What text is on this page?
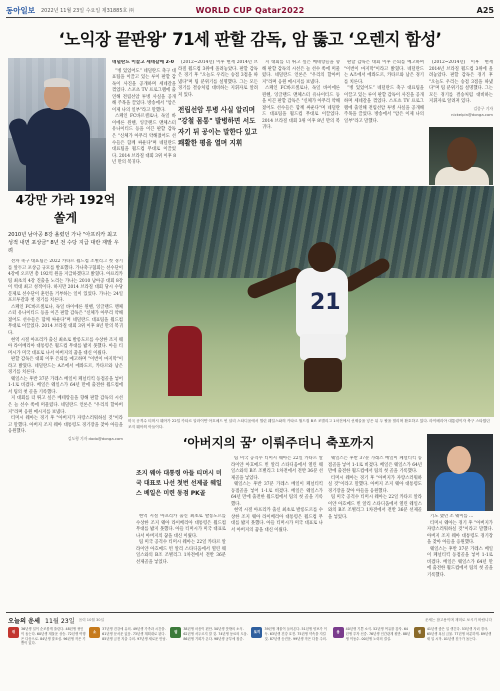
동아일보 2022년 11월 23일 수요일 제31885호 ㈜	WORLD CUP Qatar2022	A25
‘노익장 끝판왕’ 71세 판할 감독, 암 뚫고 ‘오렌지 함성’

네덜란드 이끌고 세네갈에 2-0

“병 있었어도” 네덜란드 축구 대표팀을 이끌고 있는 루이 판할 감독이 사진을 공개하며 세네갈을 꺾었다. 스포츠 TV 프로그램에 출연해 전립선암 투병 사실을 공개해 주목을 끌었다. 방송에서 "암은 이제 나의 일부"라고 말했다.

스페인 FC바르셀로나, 독일 바이에른 뮌헨, 잉글랜드 맨체스터 유나이티드 등을 이끈 판할 감독은 "신체가 아무리 약해졌어도 선수들은 함께 싸운다"며 네덜란드 대표팀을 월드컵 무대로 이끌었다. 2014 브라질 대회 3위 이후 8년 만의 복귀다.

(2012~2014년) 이후 현재 2014년 브라질 월드컵 3위에 올려놓았다. 판할 감독은 경기 후 "오늘도 우리는 승점 3점을 따냈다"며 팀 분위기를 설명했다. 그는 모든 경기를 결승처럼 대비하는 지휘자로 알려져 있다.

전립선암 투병 사실 알리며 "강철 몸통" 발병하면 서도 자기 뒤 공이는 말한다 있고 쾌활한 평을 열며 지휘

지 대회를 더 뛰고 싶은 베테랑들을 향해 판할 감독의 시선은 늘 선수 쪽에 머물렀다. 네덜란드 언론은 "우리의 할아버지"라며 응원 메시지를 보냈다.

스페인 FC바르셀로나, 독일 바이에른 뮌헨, 잉글랜드 맨체스터 유나이티드 등을 이끈 판할 감독은 "신체가 아무리 약해졌어도 선수들은 함께 싸운다"며 네덜란드 대표팀을 월드컵 무대로 이끌었다. 2014 브라질 대회 3위 이후 8년 만의 복귀다.

판할 감독은 대회 이후 은퇴를 예고하며 "이번이 마지막"이라고 밝혔다. 네덜란드는 A조에서 에콰도르, 카타르와 남은 경기를 치른다.

“병 있었어도” 네덜란드 축구 대표팀을 이끌고 있는 루이 판할 감독이 사진을 공개하며 세네갈을 꺾었다. 스포츠 TV 프로그램에 출연해 전립선암 투병 사실을 공개해 주목을 끌었다. 방송에서 "암은 이제 나의 일부"라고 말했다.

(2012~2014년) 이후 현재 2014년 브라질 월드컵 3위에 올려놓았다. 판할 감독은 경기 후 "오늘도 우리는 승점 3점을 따냈다"며 팀 분위기를 설명했다. 그는 모든 경기를 결승처럼 대비하는 지휘자로 알려져 있다.

김종구 기자 nickelpin@donga.com

4강만 가라 192억 쏠게
2010년 남아공 8강 올렸던 가나 "아프리카 최고 성적 내면 포상금" 8년 전 수당 지급 대란 재발 우려

전차 축구 대표팀은 2022 카타르 월드컵 조별리그 첫 경기를 앞두고 포상금 규모를 발표했다. 가나축구협회는 선수단이 4강에 오르면 총 192억 원을 지급하겠다고 밝혔다. 아프리카 팀 최초의 4강 진출을 노리는 가나는 2010 남아공 대회 8강이 역대 최고 성적이다. 하지만 2014 브라질 대회 당시 수당 문제로 선수단이 훈련을 거부하는 일이 있었다. 가나는 24일 포르투갈과 첫 경기를 치른다.

스페인 FC바르셀로나, 독일 바이에른 뮌헨, 잉글랜드 맨체스터 유나이티드 등을 이끈 판할 감독은 "신체가 아무리 약해졌어도 선수들은 함께 싸운다"며 네덜란드 대표팀을 월드컵 무대로 이끌었다. 2014 브라질 대회 3위 이후 8년 만의 복귀다.

현역 시절 아프리카 출신 최초로 발롱도르를 수상한 조지 웨아 라이베리아 대통령은 월드컵 무대를 밟지 못했다. 아들 티머시가 미국 대표로 나서 아버지의 꿈을 대신 이뤘다.

판할 감독은 대회 이후 은퇴를 예고하며 "이번이 마지막"이라고 밝혔다. 네덜란드는 A조에서 에콰도르, 카타르와 남은 경기를 치른다.

웨일스는 후반 37분 가레스 베일이 페널티킥 동점골을 넣어 1-1로 비겼다. 베일은 웨일스가 64년 만에 출전한 월드컵에서 팀의 첫 골을 기록했다.

지 대회를 더 뛰고 싶은 베테랑들을 향해 판할 감독의 시선은 늘 선수 쪽에 머물렀다. 네덜란드 언론은 "우리의 할아버지"라며 응원 메시지를 보냈다.

티머시 웨아는 경기 후 "아버지가 자랑스러워하실 것"이라고 말했다. 아버지 조지 웨아 대통령도 경기장을 찾아 아들을 응원했다.

김도형 기자 dodo@donga.com

21
미국 공격수 티머시 웨아가 22일 카타르 알라이얀 아흐메드 빈 알리 스타디움에서 열린 웨일스와의 카타르 월드컵 B조 조별리그 1차전에서 선제골을 넣은 뒤 두 팔을 벌리며 환호하고 있다. 라이베리아 대통령이자 축구 스타였던 조지 웨아의 아들이다.
‘아버지의 꿈’ 이뤄주더니 축포까지
조지 웨아 대통령 아들 티머시 미국 대표로 나선 첫번 선제골 웨일스 베일은 미련 동점 PK골

현역 시절 아프리카 출신 최초로 발롱도르를 수상한 조지 웨아 라이베리아 대통령은 월드컵 무대를 밟지 못했다. 아들 티머시가 미국 대표로 나서 아버지의 꿈을 대신 이뤘다.

팀 미국 공격수 티머시 웨아는 22일 카타르 알라이얀 아흐메드 빈 알리 스타디움에서 열린 웨일스와의 B조 조별리그 1차전에서 전반 36분 선제골을 넣었다.

팀 미국 공격수 티머시 웨아는 22일 카타르 알라이얀 아흐메드 빈 알리 스타디움에서 열린 웨일스와의 B조 조별리그 1차전에서 전반 36분 선제골을 넣었다.

웨일스는 후반 37분 가레스 베일이 페널티킥 동점골을 넣어 1-1로 비겼다. 베일은 웨일스가 64년 만에 출전한 월드컵에서 팀의 첫 골을 기록했다.

현역 시절 아프리카 출신 최초로 발롱도르를 수상한 조지 웨아 라이베리아 대통령은 월드컵 무대를 밟지 못했다. 아들 티머시가 미국 대표로 나서 아버지의 꿈을 대신 이뤘다.

웨일스는 후반 37분 가레스 베일이 페널티킥 동점골을 넣어 1-1로 비겼다. 베일은 웨일스가 64년 만에 출전한 월드컵에서 팀의 첫 골을 기록했다.

티머시 웨아는 경기 후 "아버지가 자랑스러워하실 것"이라고 말했다. 아버지 조지 웨아 대통령도 경기장을 찾아 아들을 응원했다.

팀 미국 공격수 티머시 웨아는 22일 카타르 알라이얀 아흐메드 빈 알리 스타디움에서 열린 웨일스와의 B조 조별리그 1차전에서 전반 36분 선제골을 넣었다.	기도 했던 조 웨이를 ...

티머시 웨아는 경기 후 "아버지가 자랑스러워하실 것"이라고 말했다. 아버지 조지 웨아 대통령도 경기장을 찾아 아들을 응원했다.

웨일스는 후반 37분 가레스 베일이 페널티킥 동점골을 넣어 1-1로 비겼다. 베일은 웨일스가 64년 만에 출전한 월드컵에서 팀의 첫 골을 기록했다.

오늘의 운세 11월 23일 음력 10월 30일	운세는 참고용이며 재미로 보시기 바랍니다
쥐
36년생 일이 순조롭게 풀린다. 48년생 귀인이 돕는다. 60년생 재물운 상승. 72년생 여행은 다음으로. 84년생 말조심. 96년생 작은 기쁨이 있다.
소
37년생 건강에 유의. 49년생 가족과 시간을. 61년생 문서운 있음. 73년생 계획대로 된다. 85년생 금전 지출 주의. 97년생 새로운 만남.
범
38년생 마음이 편안. 50년생 뜻밖의 소식. 62년생 서두르지 말 것. 74년생 동료의 도움. 86년생 기회가 온다. 98년생 공부에 집중.
토끼
39년생 재물이 들어온다. 51년생 양보가 이득. 63년생 건강 호전. 75년생 약속을 지킬 것. 87년생 승진운. 99년생 작은 다툼 주의.
용
40년생 기쁜 소식. 52년생 여유를 갖자. 64년생 투자 신중. 76년생 인간관계 원만. 88년생 이동수. 00년생 노력의 결실.
뱀
41년생 좋은 일 생긴다. 53년생 자녀 경사. 65년생 욕심 금물. 77년생 차분하게. 89년생 새 일 시작. 01년생 친구가 돕는다.
